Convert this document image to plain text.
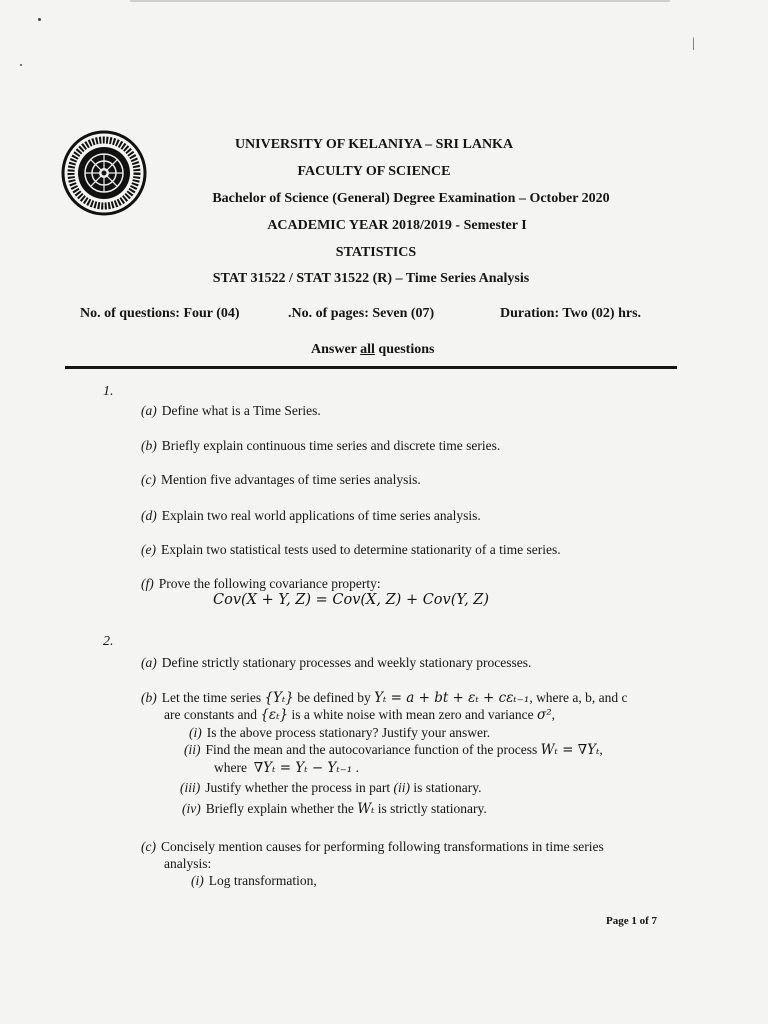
|
UNIVERSITY OF KELANIYA – SRI LANKA
FACULTY OF SCIENCE
Bachelor of Science (General) Degree Examination – October 2020
ACADEMIC YEAR 2018/2019 - Semester I
STATISTICS
STAT 31522 / STAT 31522 (R) – Time Series Analysis
No. of questions: Four (04)	.No. of pages: Seven (07)	Duration: Two (02) hrs.
Answer all questions
1.
(a) Define what is a Time Series.
(b) Briefly explain continuous time series and discrete time series.
(c) Mention five advantages of time series analysis.
(d) Explain two real world applications of time series analysis.
(e) Explain two statistical tests used to determine stationarity of a time series.
(f) Prove the following covariance property:
Cov(X + Y, Z) = Cov(X, Z) + Cov(Y, Z)
2.
(a) Define strictly stationary processes and weekly stationary processes.
(b) Let the time series {Yₜ} be defined by Yₜ = a + bt + εₜ + cεₜ₋₁, where a, b, and c
are constants and {εₜ} is a white noise with mean zero and variance σ²,
(i) Is the above process stationary? Justify your answer.
(ii) Find the mean and the autocovariance function of the process Wₜ = ∇Yₜ,
where ∇Yₜ = Yₜ − Yₜ₋₁ .
(iii) Justify whether the process in part (ii) is stationary.
(iv) Briefly explain whether the Wₜ is strictly stationary.
(c) Concisely mention causes for performing following transformations in time series
analysis:
(i) Log transformation,
Page 1 of 7
